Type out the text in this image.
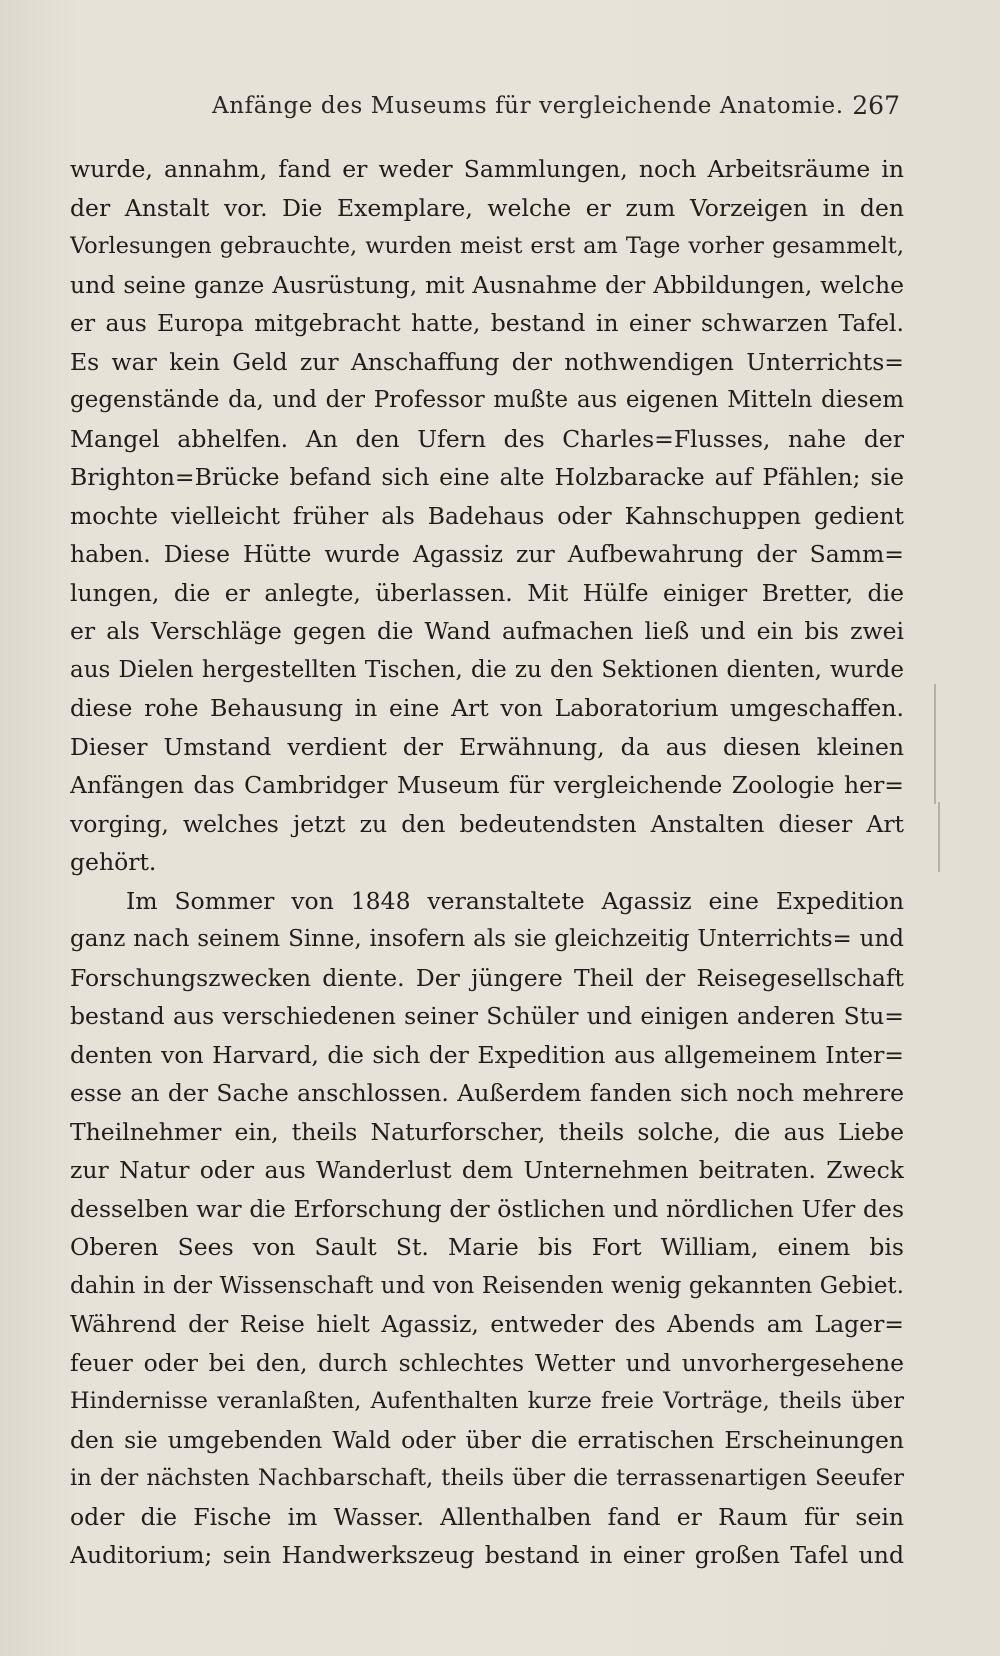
Anfänge des Museums für vergleichende Anatomie. 267
wurde, annahm, fand er weder Sammlungen, noch Arbeitsräume in
der Anstalt vor. Die Exemplare, welche er zum Vorzeigen in den
Vorlesungen gebrauchte, wurden meist erst am Tage vorher gesammelt,
und seine ganze Ausrüstung, mit Ausnahme der Abbildungen, welche
er aus Europa mitgebracht hatte, bestand in einer schwarzen Tafel.
Es war kein Geld zur Anschaffung der nothwendigen Unterrichts=
gegenstände da, und der Professor mußte aus eigenen Mitteln diesem
Mangel abhelfen. An den Ufern des Charles=Flusses, nahe der
Brighton=Brücke befand sich eine alte Holzbaracke auf Pfählen; sie
mochte vielleicht früher als Badehaus oder Kahnschuppen gedient
haben. Diese Hütte wurde Agassiz zur Aufbewahrung der Samm=
lungen, die er anlegte, überlassen. Mit Hülfe einiger Bretter, die
er als Verschläge gegen die Wand aufmachen ließ und ein bis zwei
aus Dielen hergestellten Tischen, die zu den Sektionen dienten, wurde
diese rohe Behausung in eine Art von Laboratorium umgeschaffen.
Dieser Umstand verdient der Erwähnung, da aus diesen kleinen
Anfängen das Cambridger Museum für vergleichende Zoologie her=
vorging, welches jetzt zu den bedeutendsten Anstalten dieser Art
gehört.
Im Sommer von 1848 veranstaltete Agassiz eine Expedition
ganz nach seinem Sinne, insofern als sie gleichzeitig Unterrichts= und
Forschungszwecken diente. Der jüngere Theil der Reisegesellschaft
bestand aus verschiedenen seiner Schüler und einigen anderen Stu=
denten von Harvard, die sich der Expedition aus allgemeinem Inter=
esse an der Sache anschlossen. Außerdem fanden sich noch mehrere
Theilnehmer ein, theils Naturforscher, theils solche, die aus Liebe
zur Natur oder aus Wanderlust dem Unternehmen beitraten. Zweck
desselben war die Erforschung der östlichen und nördlichen Ufer des
Oberen Sees von Sault St. Marie bis Fort William, einem bis
dahin in der Wissenschaft und von Reisenden wenig gekannten Gebiet.
Während der Reise hielt Agassiz, entweder des Abends am Lager=
feuer oder bei den, durch schlechtes Wetter und unvorhergesehene
Hindernisse veranlaßten, Aufenthalten kurze freie Vorträge, theils über
den sie umgebenden Wald oder über die erratischen Erscheinungen
in der nächsten Nachbarschaft, theils über die terrassenartigen Seeufer
oder die Fische im Wasser. Allenthalben fand er Raum für sein
Auditorium; sein Handwerkszeug bestand in einer großen Tafel und
